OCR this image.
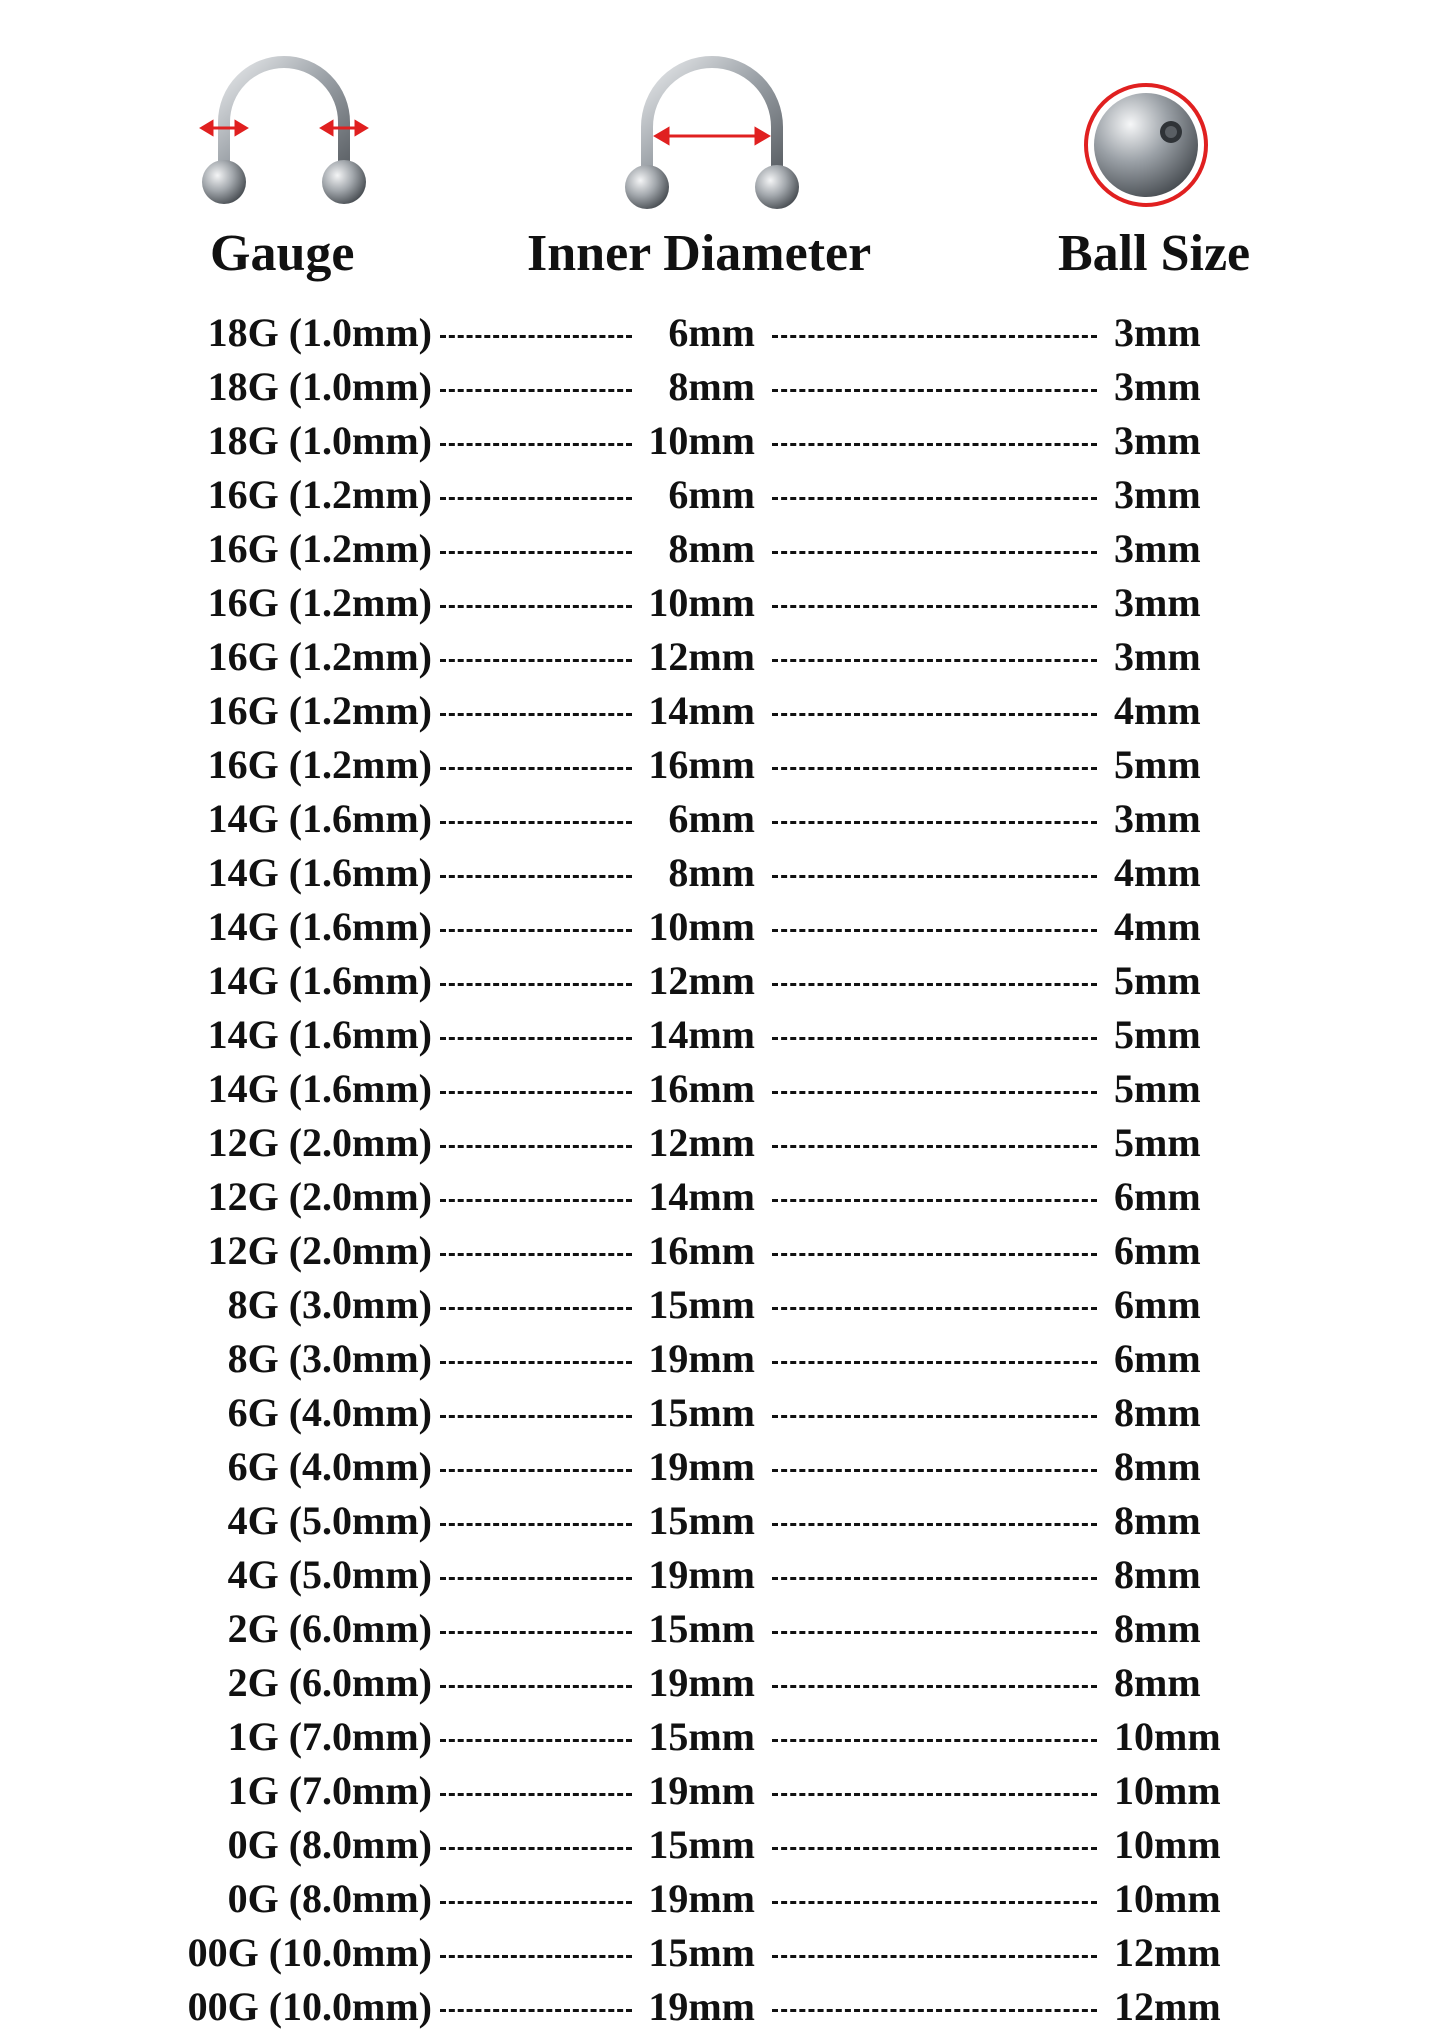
Gauge	Inner Diameter	Ball Size
18G (1.0mm)	6mm	3mm
18G (1.0mm)	8mm	3mm
18G (1.0mm)	10mm	3mm
16G (1.2mm)	6mm	3mm
16G (1.2mm)	8mm	3mm
16G (1.2mm)	10mm	3mm
16G (1.2mm)	12mm	3mm
16G (1.2mm)	14mm	4mm
16G (1.2mm)	16mm	5mm
14G (1.6mm)	6mm	3mm
14G (1.6mm)	8mm	4mm
14G (1.6mm)	10mm	4mm
14G (1.6mm)	12mm	5mm
14G (1.6mm)	14mm	5mm
14G (1.6mm)	16mm	5mm
12G (2.0mm)	12mm	5mm
12G (2.0mm)	14mm	6mm
12G (2.0mm)	16mm	6mm
8G (3.0mm)	15mm	6mm
8G (3.0mm)	19mm	6mm
6G (4.0mm)	15mm	8mm
6G (4.0mm)	19mm	8mm
4G (5.0mm)	15mm	8mm
4G (5.0mm)	19mm	8mm
2G (6.0mm)	15mm	8mm
2G (6.0mm)	19mm	8mm
1G (7.0mm)	15mm	10mm
1G (7.0mm)	19mm	10mm
0G (8.0mm)	15mm	10mm
0G (8.0mm)	19mm	10mm
00G (10.0mm)	15mm	12mm
00G (10.0mm)	19mm	12mm
